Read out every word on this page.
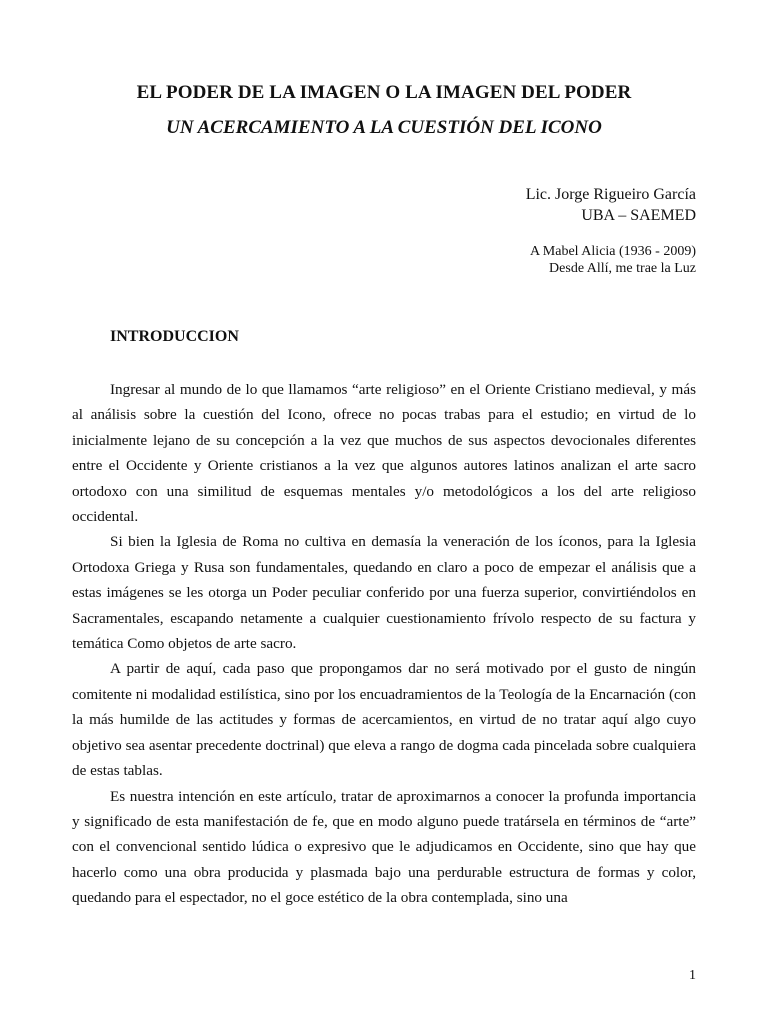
EL PODER DE LA IMAGEN O LA IMAGEN DEL PODER
UN ACERCAMIENTO A LA CUESTIÓN DEL ICONO
Lic. Jorge Rigueiro García
UBA – SAEMED
A Mabel Alicia (1936 - 2009)
Desde Allí, me trae la Luz
INTRODUCCION

Ingresar al mundo de lo que llamamos “arte religioso” en el Oriente Cristiano medieval, y más al análisis sobre la cuestión del Icono, ofrece no pocas trabas para el estudio; en virtud de lo inicialmente lejano de su concepción a la vez que muchos de sus aspectos devocionales diferentes entre el Occidente y Oriente cristianos a la vez que algunos autores latinos analizan el arte sacro ortodoxo con una similitud de esquemas mentales y/o metodológicos a los del arte religioso occidental.

Si bien la Iglesia de Roma no cultiva en demasía la veneración de los íconos, para la Iglesia Ortodoxa Griega y Rusa son fundamentales, quedando en claro a poco de empezar el análisis que a estas imágenes se les otorga un Poder peculiar conferido por una fuerza superior, convirtiéndolos en Sacramentales, escapando netamente a cualquier cuestionamiento frívolo respecto de su factura y temática Como objetos de arte sacro.

A partir de aquí, cada paso que propongamos dar no será motivado por el gusto de ningún comitente ni modalidad estilística, sino por los encuadramientos de la Teología de la Encarnación (con la más humilde de las actitudes y formas de acercamientos, en virtud de no tratar aquí algo cuyo objetivo sea asentar precedente doctrinal) que eleva a rango de dogma cada pincelada sobre cualquiera de estas tablas.

Es nuestra intención en este artículo, tratar de aproximarnos a conocer la profunda importancia y significado de esta manifestación de fe, que en modo alguno puede tratársela en términos de “arte” con el convencional sentido lúdica o expresivo que le adjudicamos en Occidente, sino que hay que hacerlo como una obra producida y plasmada bajo una perdurable estructura de formas y color, quedando para el espectador, no el goce estético de la obra contemplada, sino una

1
